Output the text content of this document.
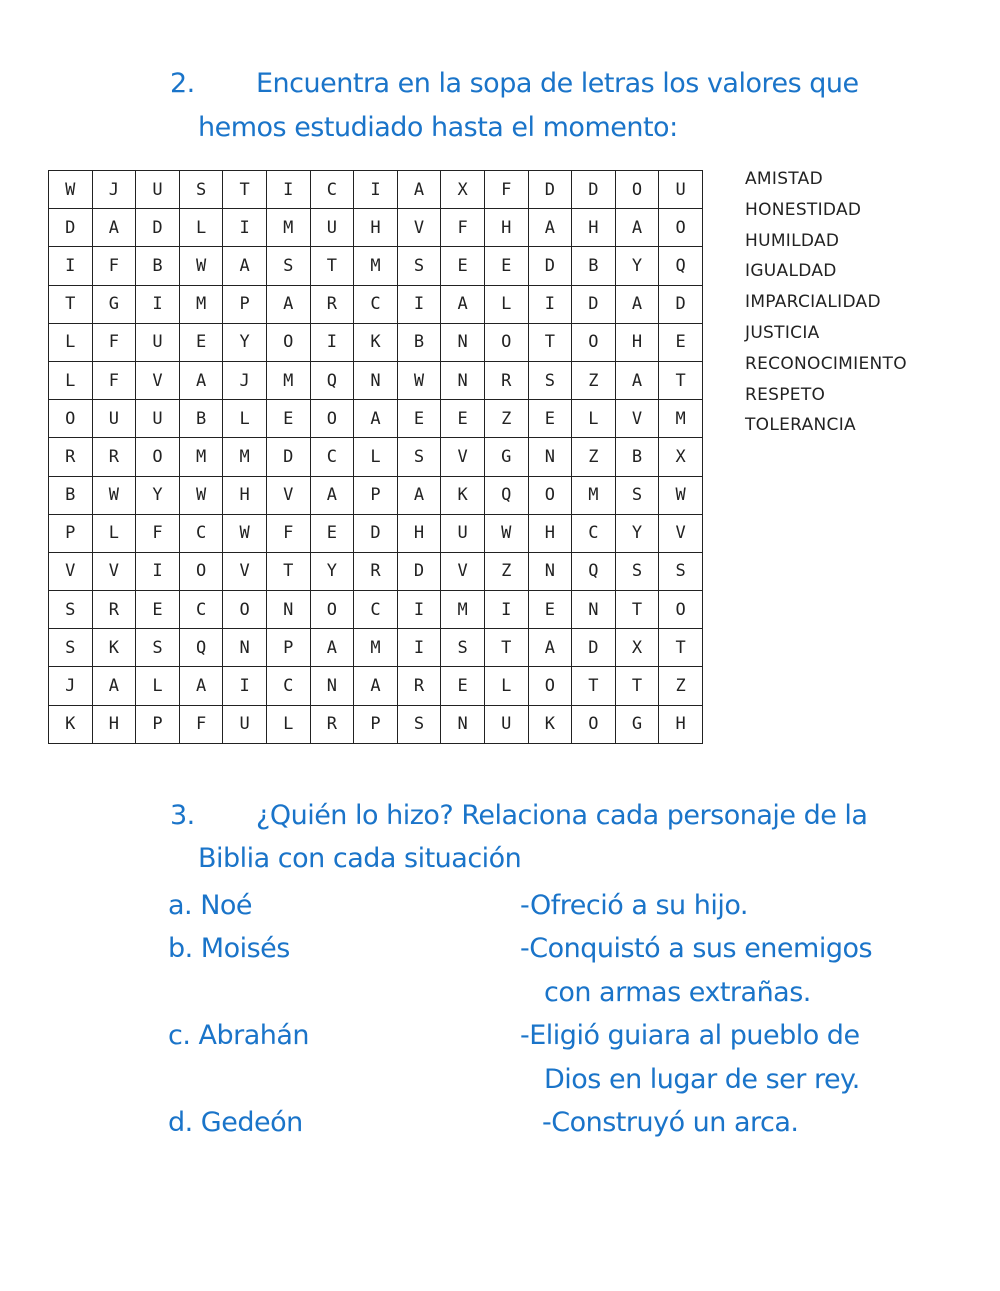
2. Encuentra en la sopa de letras los valores que
hemos estudiado hasta el momento:
W	J	U	S	T	I	C	I	A	X	F	D	D	O	U
D	A	D	L	I	M	U	H	V	F	H	A	H	A	O
I	F	B	W	A	S	T	M	S	E	E	D	B	Y	Q
T	G	I	M	P	A	R	C	I	A	L	I	D	A	D
L	F	U	E	Y	O	I	K	B	N	O	T	O	H	E
L	F	V	A	J	M	Q	N	W	N	R	S	Z	A	T
O	U	U	B	L	E	O	A	E	E	Z	E	L	V	M
R	R	O	M	M	D	C	L	S	V	G	N	Z	B	X
B	W	Y	W	H	V	A	P	A	K	Q	O	M	S	W
P	L	F	C	W	F	E	D	H	U	W	H	C	Y	V
V	V	I	O	V	T	Y	R	D	V	Z	N	Q	S	S
S	R	E	C	O	N	O	C	I	M	I	E	N	T	O
S	K	S	Q	N	P	A	M	I	S	T	A	D	X	T
J	A	L	A	I	C	N	A	R	E	L	O	T	T	Z
K	H	P	F	U	L	R	P	S	N	U	K	O	G	H
AMISTAD
HONESTIDAD
HUMILDAD
IGUALDAD
IMPARCIALIDAD
JUSTICIA
RECONOCIMIENTO
RESPETO
TOLERANCIA
3. ¿Quién lo hizo? Relaciona cada personaje de la
Biblia con cada situación
a. Noé
b. Moisés
c. Abrahán
d. Gedeón
-Ofreció a su hijo.
-Conquistó a sus enemigos
con armas extrañas.
-Eligió guiara al pueblo de
Dios en lugar de ser rey.
-Construyó un arca.
